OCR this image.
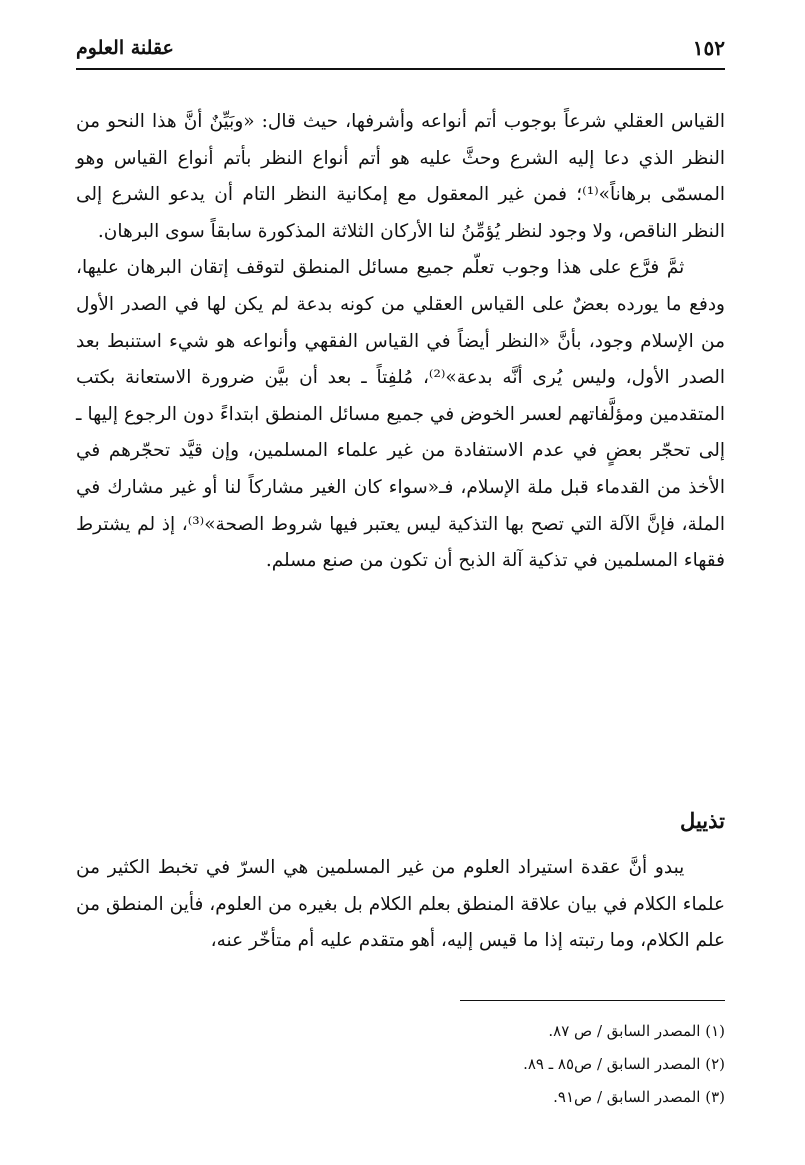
١٥٢
عقلنة العلوم

القياس العقلي شرعاً بوجوب أتم أنواعه وأشرفها، حيث قال: «وبَيِّنٌ أنَّ هذا النحو من النظر الذي دعا إليه الشرع وحثَّ عليه هو أتم أنواع النظر بأتم أنواع القياس وهو المسمّى برهاناً»⁽¹⁾؛ فمن غير المعقول مع إمكانية النظر التام أن يدعو الشرع إلى النظر الناقص، ولا وجود لنظر يُؤمِّنُ لنا الأركان الثلاثة المذكورة سابقاً سوى البرهان.

ثمَّ فرَّع على هذا وجوب تعلّم جميع مسائل المنطق لتوقف إتقان البرهان عليها، ودفع ما يورده بعضٌ على القياس العقلي من كونه بدعة لم يكن لها في الصدر الأول من الإسلام وجود، بأنَّ «النظر أيضاً في القياس الفقهي وأنواعه هو شيء استنبط بعد الصدر الأول، وليس يُرى أنَّه بدعة»⁽²⁾، مُلفِتاً ـ بعد أن بيَّن ضرورة الاستعانة بكتب المتقدمين ومؤلَّفاتهم لعسر الخوض في جميع مسائل المنطق ابتداءً دون الرجوع إليها ـ إلى تحجّر بعضٍ في عدم الاستفادة من غير علماء المسلمين، وإن قيَّد تحجّرهم في الأخذ من القدماء قبل ملة الإسلام، فـ«سواء كان الغير مشاركاً لنا أو غير مشارك في الملة، فإنَّ الآلة التي تصح بها التذكية ليس يعتبر فيها شروط الصحة»⁽³⁾، إذ لم يشترط فقهاء المسلمين في تذكية آلة الذبح أن تكون من صنع مسلم.

تذييل

يبدو أنَّ عقدة استيراد العلوم من غير المسلمين هي السرّ في تخبط الكثير من علماء الكلام في بيان علاقة المنطق بعلم الكلام بل بغيره من العلوم، فأين المنطق من علم الكلام، وما رتبته إذا ما قيس إليه، أهو متقدم عليه أم متأخّر عنه،

(١) المصدر السابق / ص ٨٧.

(٢) المصدر السابق / ص٨٥ ـ ٨٩.

(٣) المصدر السابق / ص٩١.
